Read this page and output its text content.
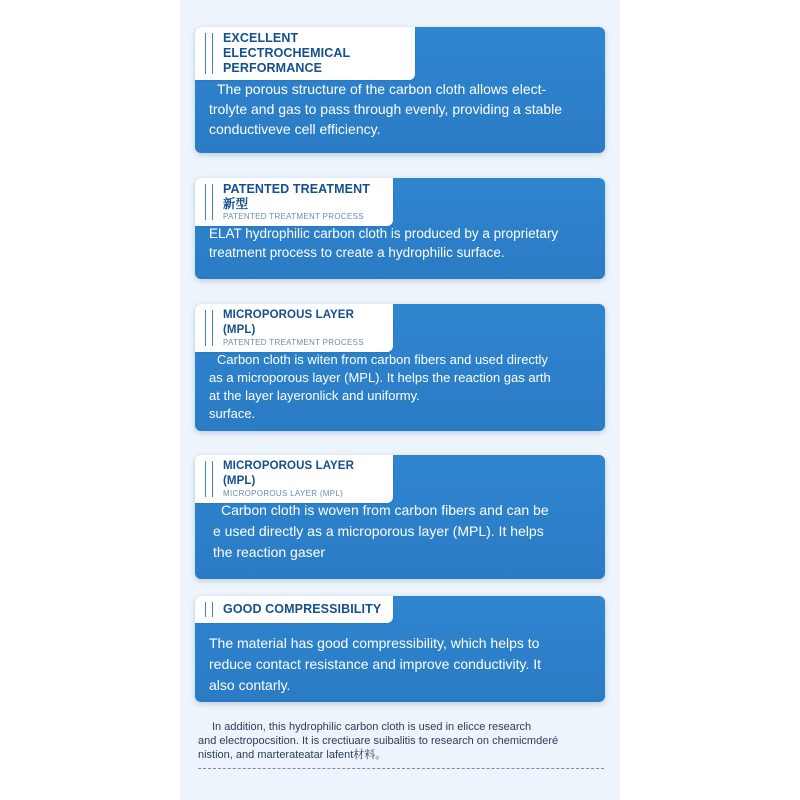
EXCELLENT ELECTROCHEMICAL
PERFORMANCE

The porous structure of the carbon cloth allows elect-

trolyte and gas to pass through evenly, providing a stable

conductiveve cell efficiency.

PATENTED TREATMENT 新型
PATENTED TREATMENT PROCESS

ELAT hydrophilic carbon cloth is produced by a proprietary

treatment process to create a hydrophilic surface.

MICROPOROUS LAYER (MPL)
PATENTED TREATMENT PROCESS

Carbon cloth is witen from carbon fibers and used directly

as a microporous layer (MPL). It helps the reaction gas arth

at the layer layeronlick and uniformy.

surface.

MICROPOROUS LAYER (MPL)
MICROPOROUS LAYER (MPL)

Carbon cloth is woven from carbon fibers and can be

e used directly as a microporous layer (MPL). It helps

the reaction gaser

GOOD COMPRESSIBILITY

The material has good compressibility, which helps to

reduce contact resistance and improve conductivity. It

also contarly.

In addition, this hydrophilic carbon cloth is used in elicce research

and electropocsition. It is crectiuare suibalitis to research on chemicmderé

nistion, and marterateatar lafent材料。
